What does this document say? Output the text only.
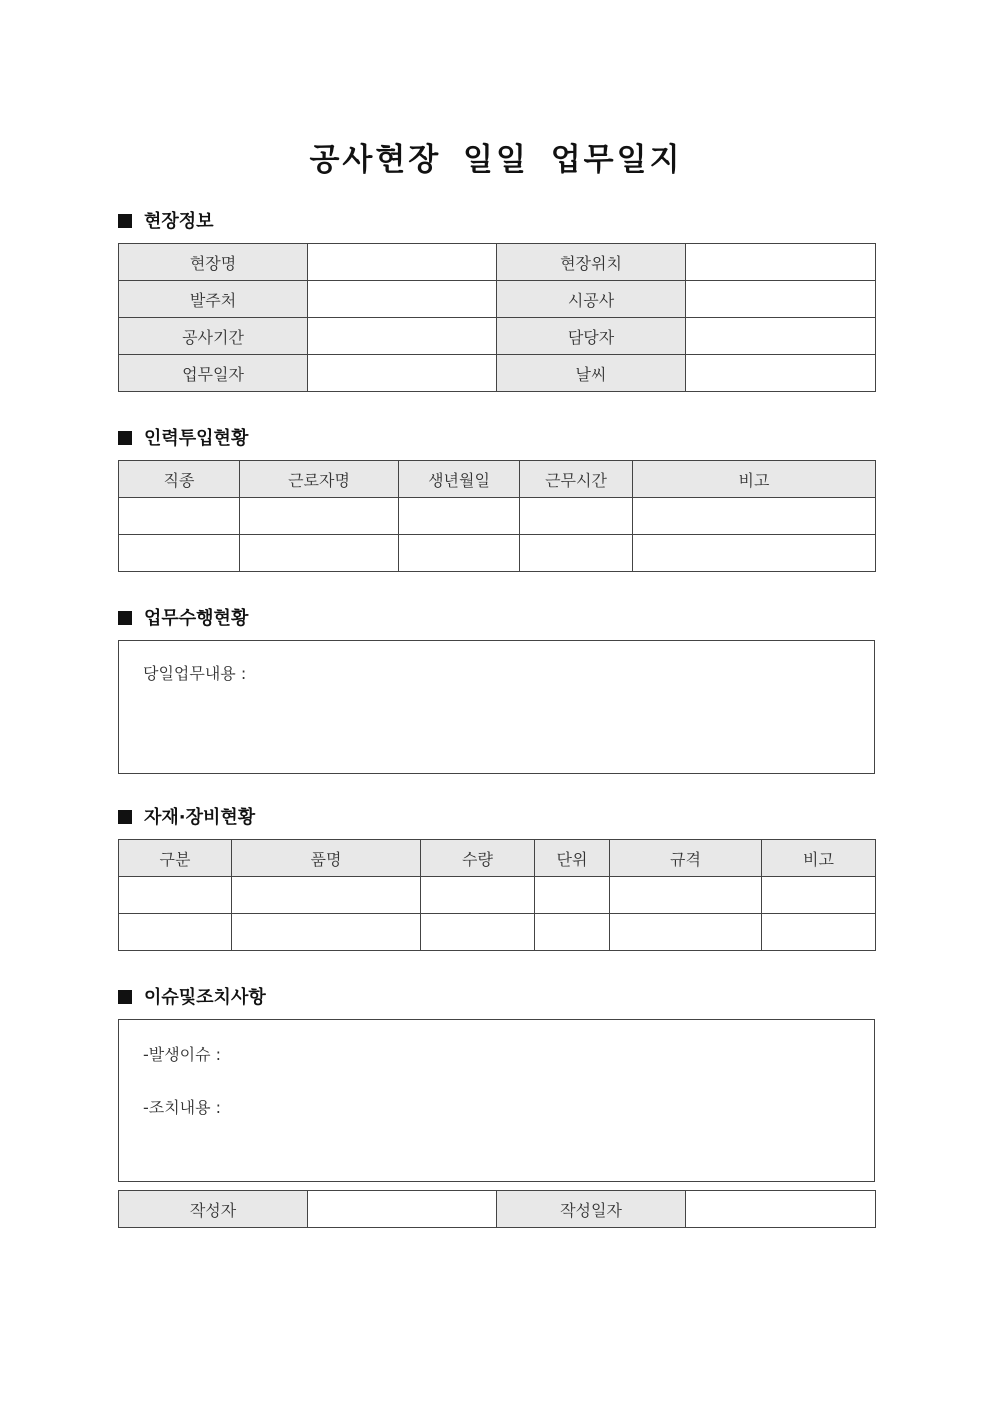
공사현장 일일 업무일지
현장정보
현장명		현장위치	
발주처		시공사	
공사기간		담당자	
업무일자		날씨	
인력투입현황
직종	근로자명	생년월일	근무시간	비고

업무수행현황
당일업무내용 :
자재·장비현황
구분	품명	수량	단위	규격	비고

이슈및조치사항
-발생이슈 :
-조치내용 :
작성자		작성일자	
